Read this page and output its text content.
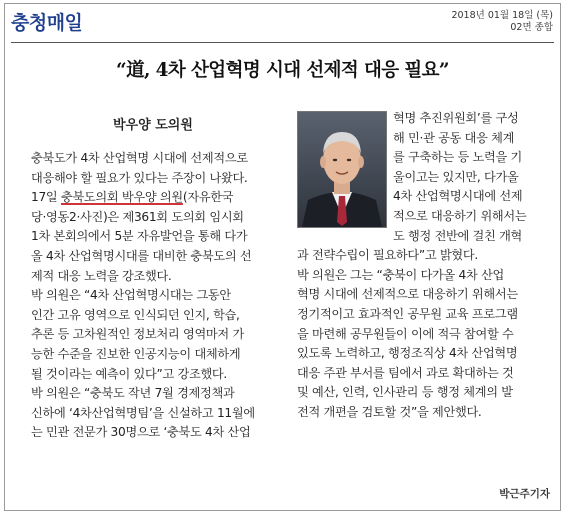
충청매일	2018년 01월 18일 (목)
02면 종합
“道, 4차 산업혁명 시대 선제적 대응 필요”
박우양 도의원

충북도가 4차 산업혁명 시대에 선제적으로

대응해야 할 필요가 있다는 주장이 나왔다.

17일 충북도의회 박우양 의원(자유한국

당·영동2·사진)은 제361회 도의회 임시회

1차 본회의에서 5분 자유발언을 통해 다가

올 4차 산업혁명시대를 대비한 충북도의 선

제적 대응 노력을 강조했다.

박 의원은 “4차 산업혁명시대는 그동안

인간 고유 영역으로 인식되던 인지, 학습,

추론 등 고차원적인 정보처리 영역마저 가

능한 수준을 진보한 인공지능이 대체하게

될 것이라는 예측이 있다”고 강조했다.

박 의원은 “충북도 작년 7월 경제정책과

신하에 ‘4차산업혁명팀’을 신설하고 11월에

는 민관 전문가 30명으로 ‘충북도 4차 산업

혁명 추진위원회’를 구성

해 민·관 공동 대응 체계

를 구축하는 등 노력을 기

울이고는 있지만, 다가올

4차 산업혁명시대에 선제

적으로 대응하기 위해서는

도 행정 전반에 걸친 개혁

과 전략수립이 필요하다”고 밝혔다.

박 의원은 그는 “충북이 다가올 4차 산업

혁명 시대에 선제적으로 대응하기 위해서는

정기적이고 효과적인 공무원 교육 프로그램

을 마련해 공무원들이 이에 적극 참여할 수

있도록 노력하고, 행정조직상 4차 산업혁명

대응 주관 부서를 팀에서 과로 확대하는 것

및 예산, 인력, 인사관리 등 행정 체계의 발

전적 개편을 검토할 것”을 제안했다.

박근주기자
